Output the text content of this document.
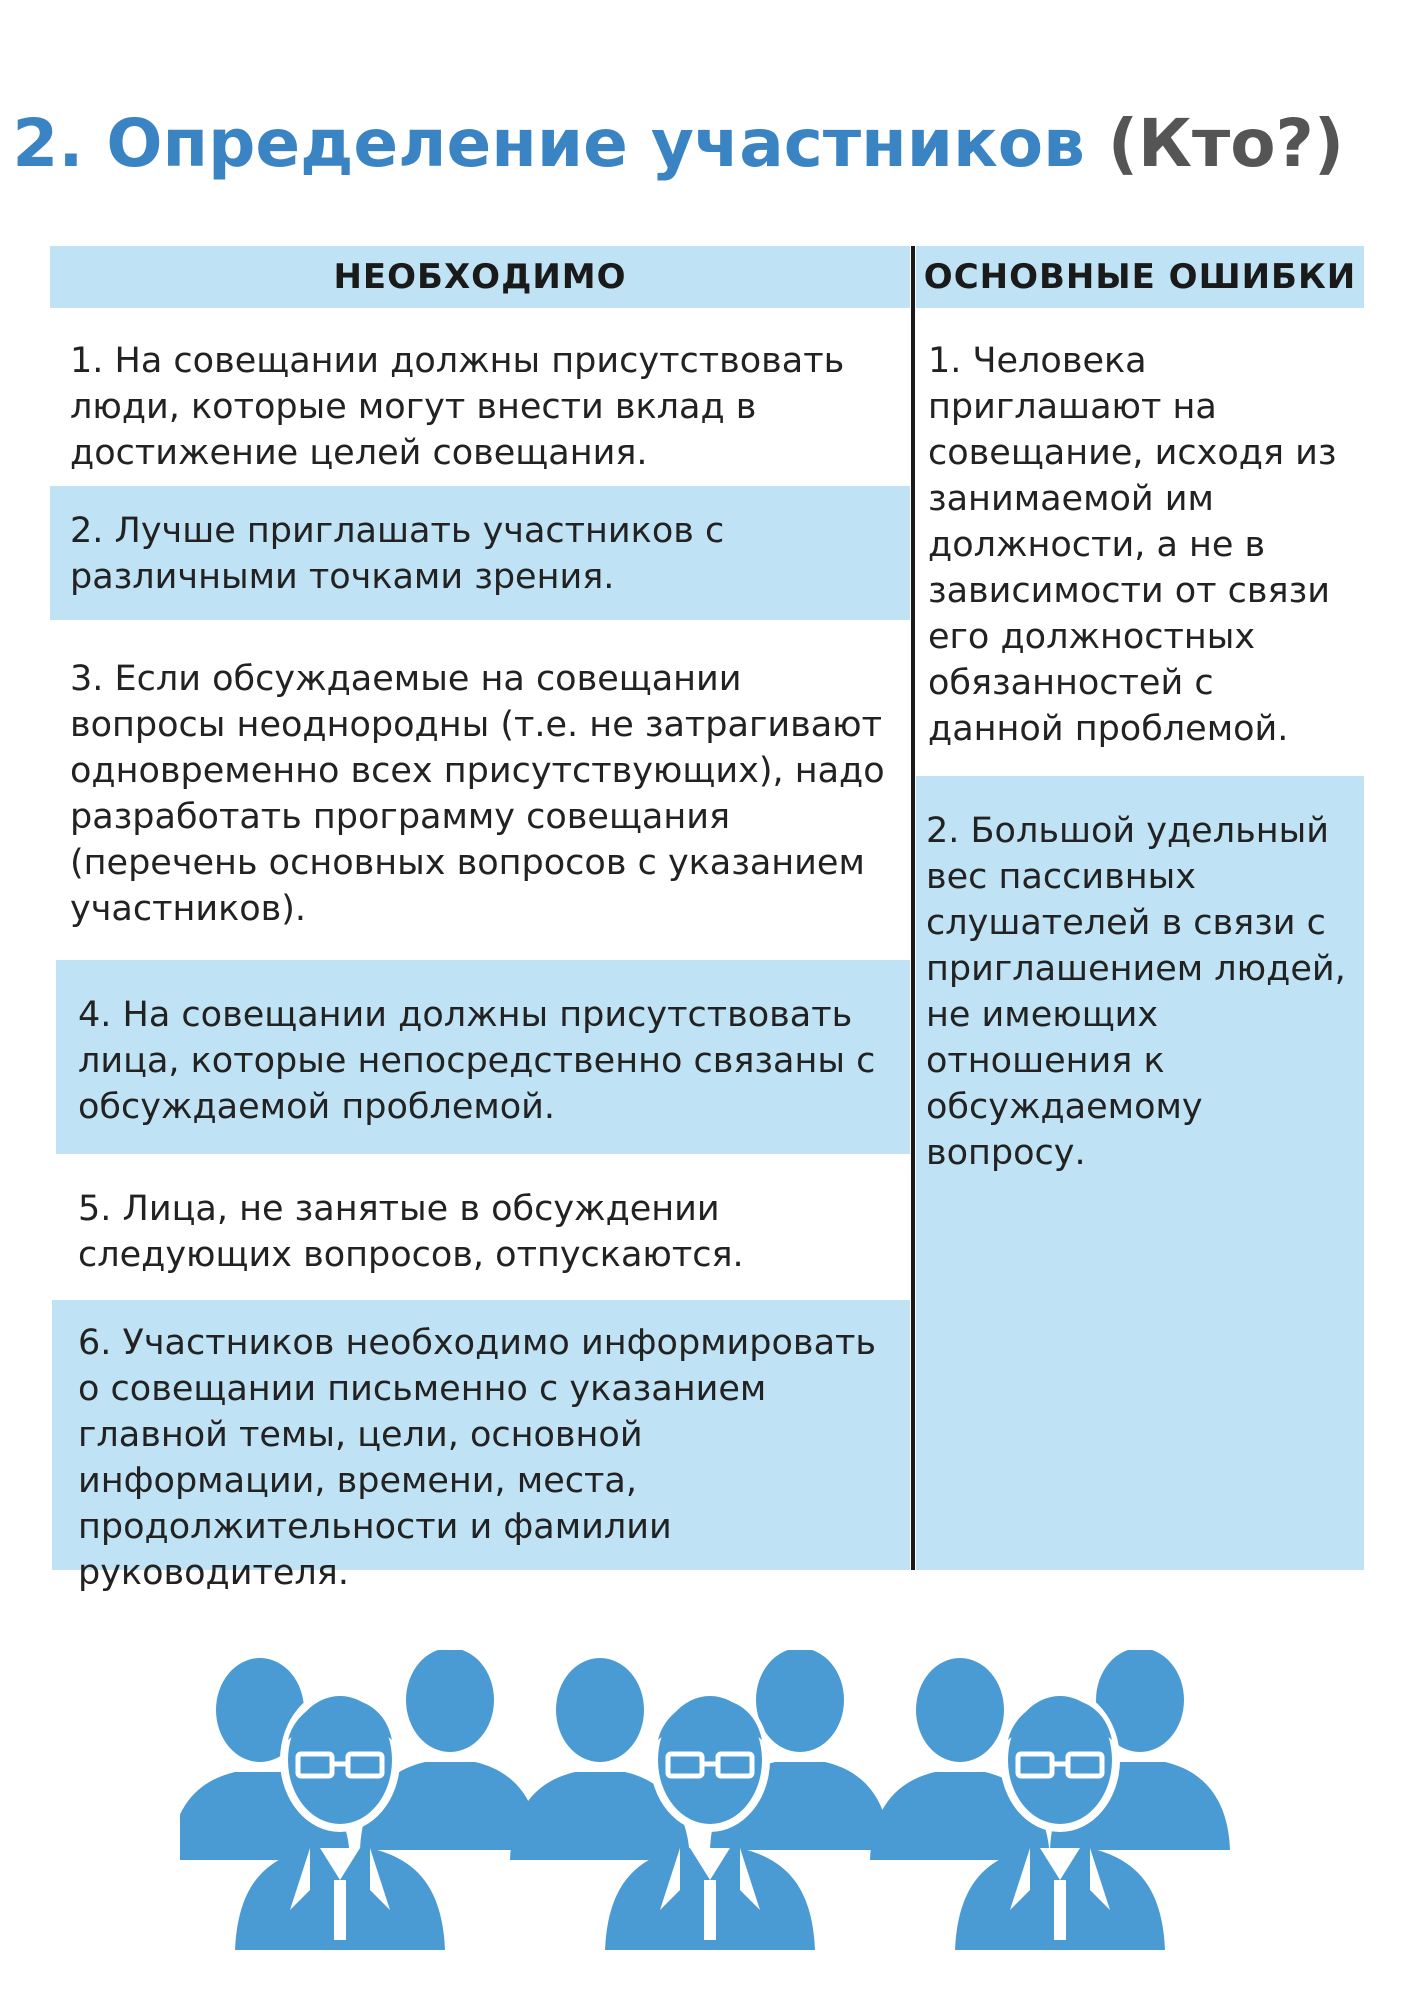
2. Определение участников (Кто?)
НЕОБХОДИМО	ОСНОВНЫЕ ОШИБКИ
1. На совещании должны присутствовать люди, которые могут внести вклад в достижение целей совещания.
2. Лучше приглашать участников с различными точками зрения.
3. Если обсуждаемые на совещании вопросы неоднородны (т.е. не затрагивают одновременно всех присутствующих), надо разработать программу совещания (перечень основных вопросов с указанием участников).
4. На совещании должны присутствовать лица, которые непосредственно связаны с обсуждаемой проблемой.
5. Лица, не занятые в обсуждении следующих вопросов, отпускаются.
6. Участников необходимо информировать о совещании письменно с указанием главной темы, цели, основной информации, времени, места, продолжительности и фамилии руководителя.
1. Человека приглашают на совещание, исходя из занимаемой им должности, а не в зависимости от связи его должностных обязанностей с данной проблемой.
2. Большой удельный вес пассивных слушателей в связи с приглашением людей, не имеющих отношения к обсуждаемому вопросу.
